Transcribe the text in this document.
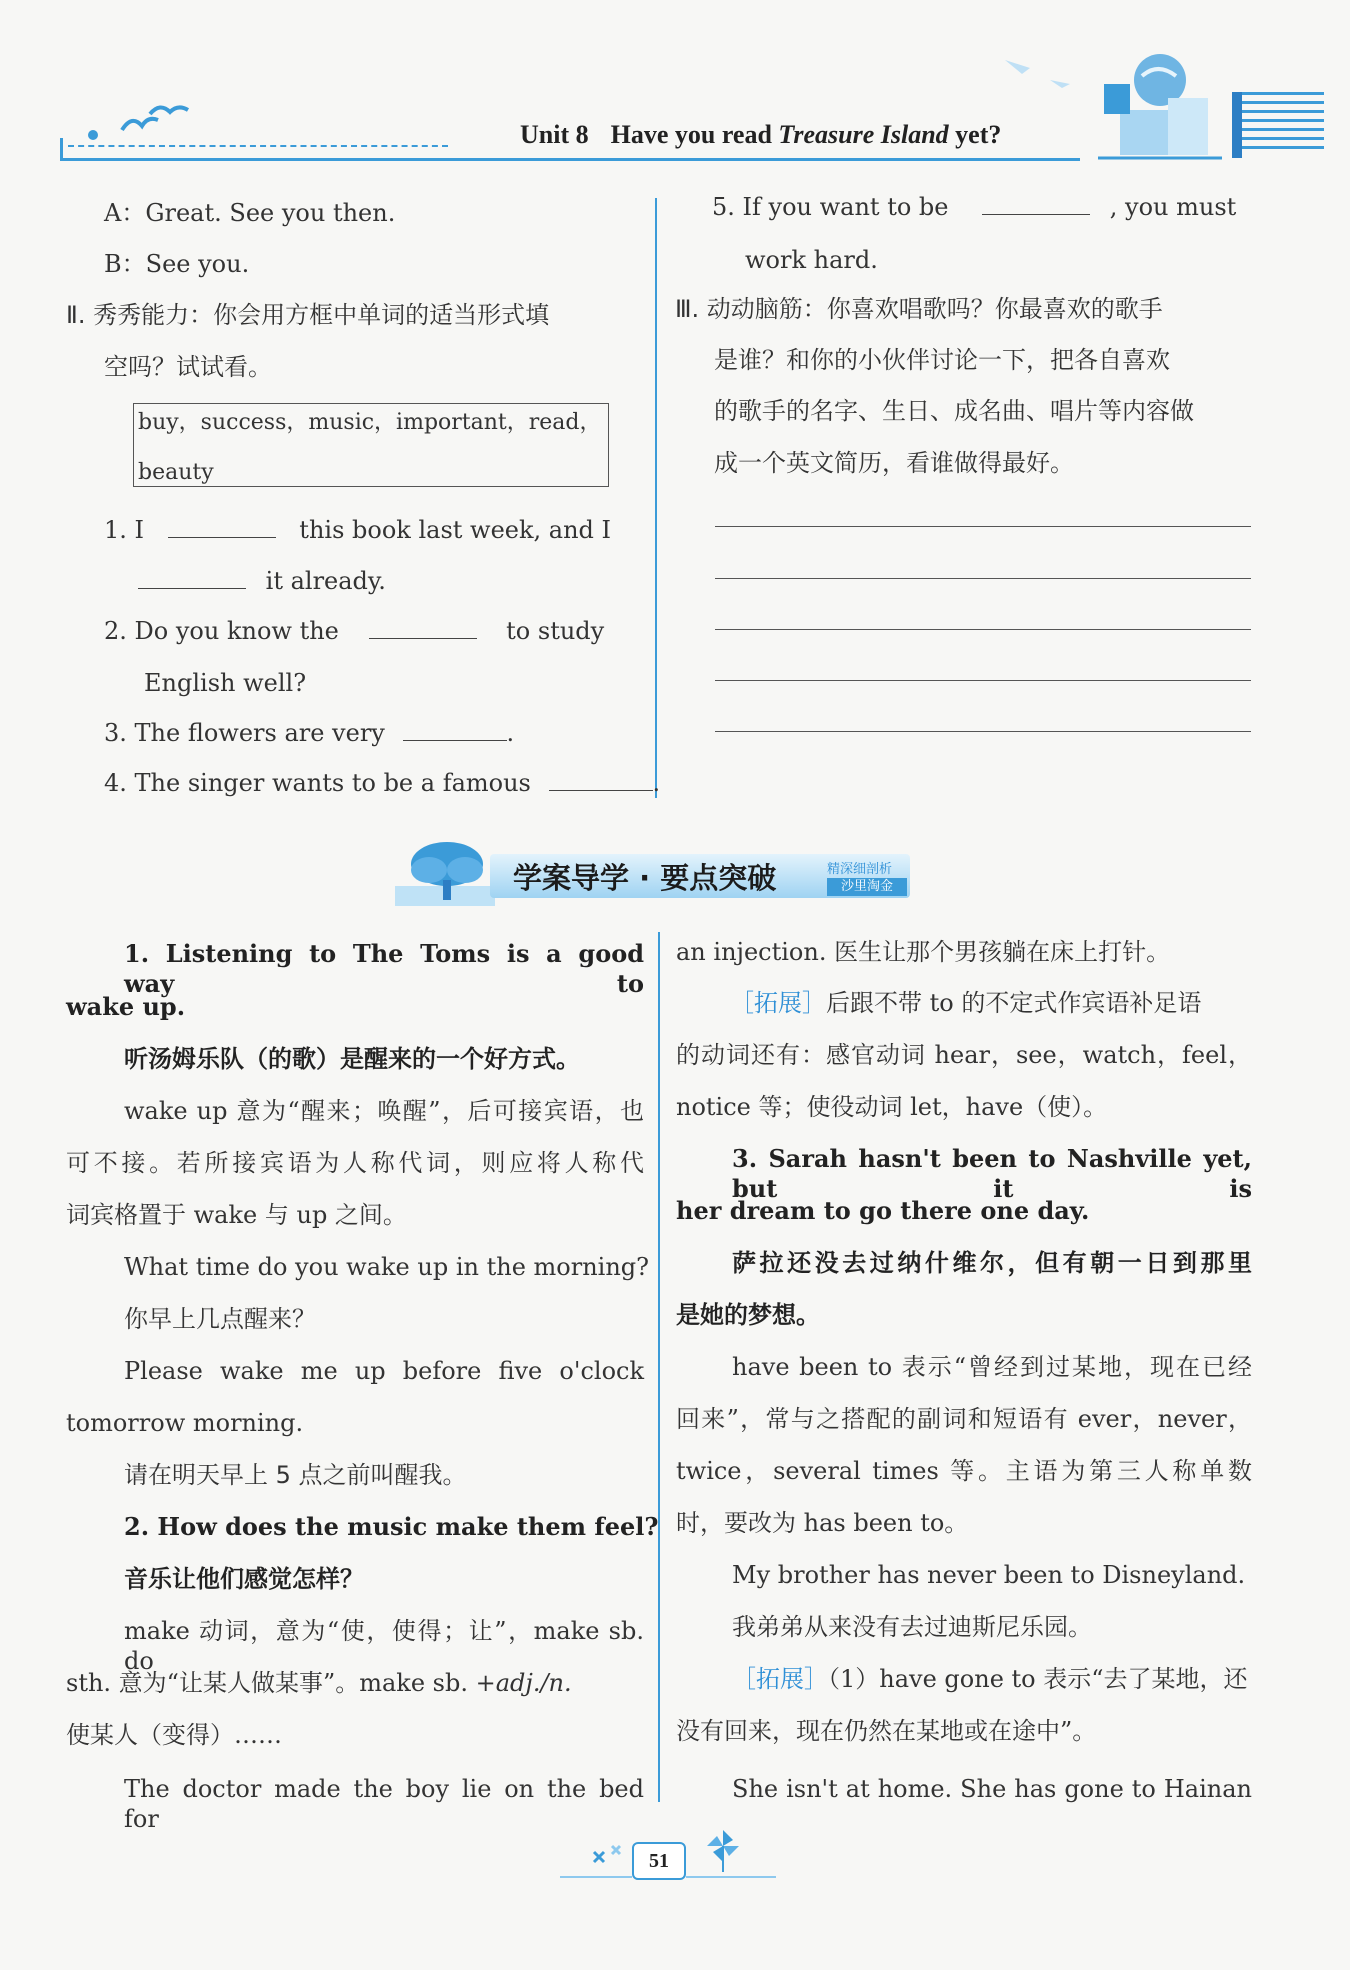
Unit 8 Have you read Treasure Island yet?
A：Great. See you then.
B：See you.
Ⅱ. 秀秀能力：你会用方框中单词的适当形式填
空吗？试试看。
buy，success，music，important，read，
beauty
1. I	this book last week, and I
it already.
2. Do you know the	to study
English well?
3. The flowers are very	.
4. The singer wants to be a famous	.
5. If you want to be	, you must
work hard.
Ⅲ. 动动脑筋：你喜欢唱歌吗？你最喜欢的歌手
是谁？和你的小伙伴讨论一下，把各自喜欢
的歌手的名字、生日、成名曲、唱片等内容做
成一个英文简历，看谁做得最好。
学案导学 · 要点突破	精深细剖析
沙里淘金
1. Listening to The Toms is a good way to
wake up.
听汤姆乐队（的歌）是醒来的一个好方式。
wake up 意为“醒来；唤醒”，后可接宾语，也
可不接。若所接宾语为人称代词，则应将人称代
词宾格置于 wake 与 up 之间。
What time do you wake up in the morning?
你早上几点醒来？
Please wake me up before five o'clock
tomorrow morning.
请在明天早上 5 点之前叫醒我。
2. How does the music make them feel?
音乐让他们感觉怎样？
make 动词，意为“使，使得；让”，make sb. do
sth. 意为“让某人做某事”。make sb. +adj./n.
使某人（变得）……
The doctor made the boy lie on the bed for
an injection. 医生让那个男孩躺在床上打针。
［拓展］后跟不带 to 的不定式作宾语补足语
的动词还有：感官动词 hear，see，watch，feel，
notice 等；使役动词 let，have（使）。
3. Sarah hasn't been to Nashville yet, but it is
her dream to go there one day.
萨拉还没去过纳什维尔，但有朝一日到那里
是她的梦想。
have been to 表示“曾经到过某地，现在已经
回来”，常与之搭配的副词和短语有 ever，never，
twice，several times 等。主语为第三人称单数
时，要改为 has been to。
My brother has never been to Disneyland.
我弟弟从来没有去过迪斯尼乐园。
［拓展］（1）have gone to 表示“去了某地，还
没有回来，现在仍然在某地或在途中”。
She isn't at home. She has gone to Hainan
51
